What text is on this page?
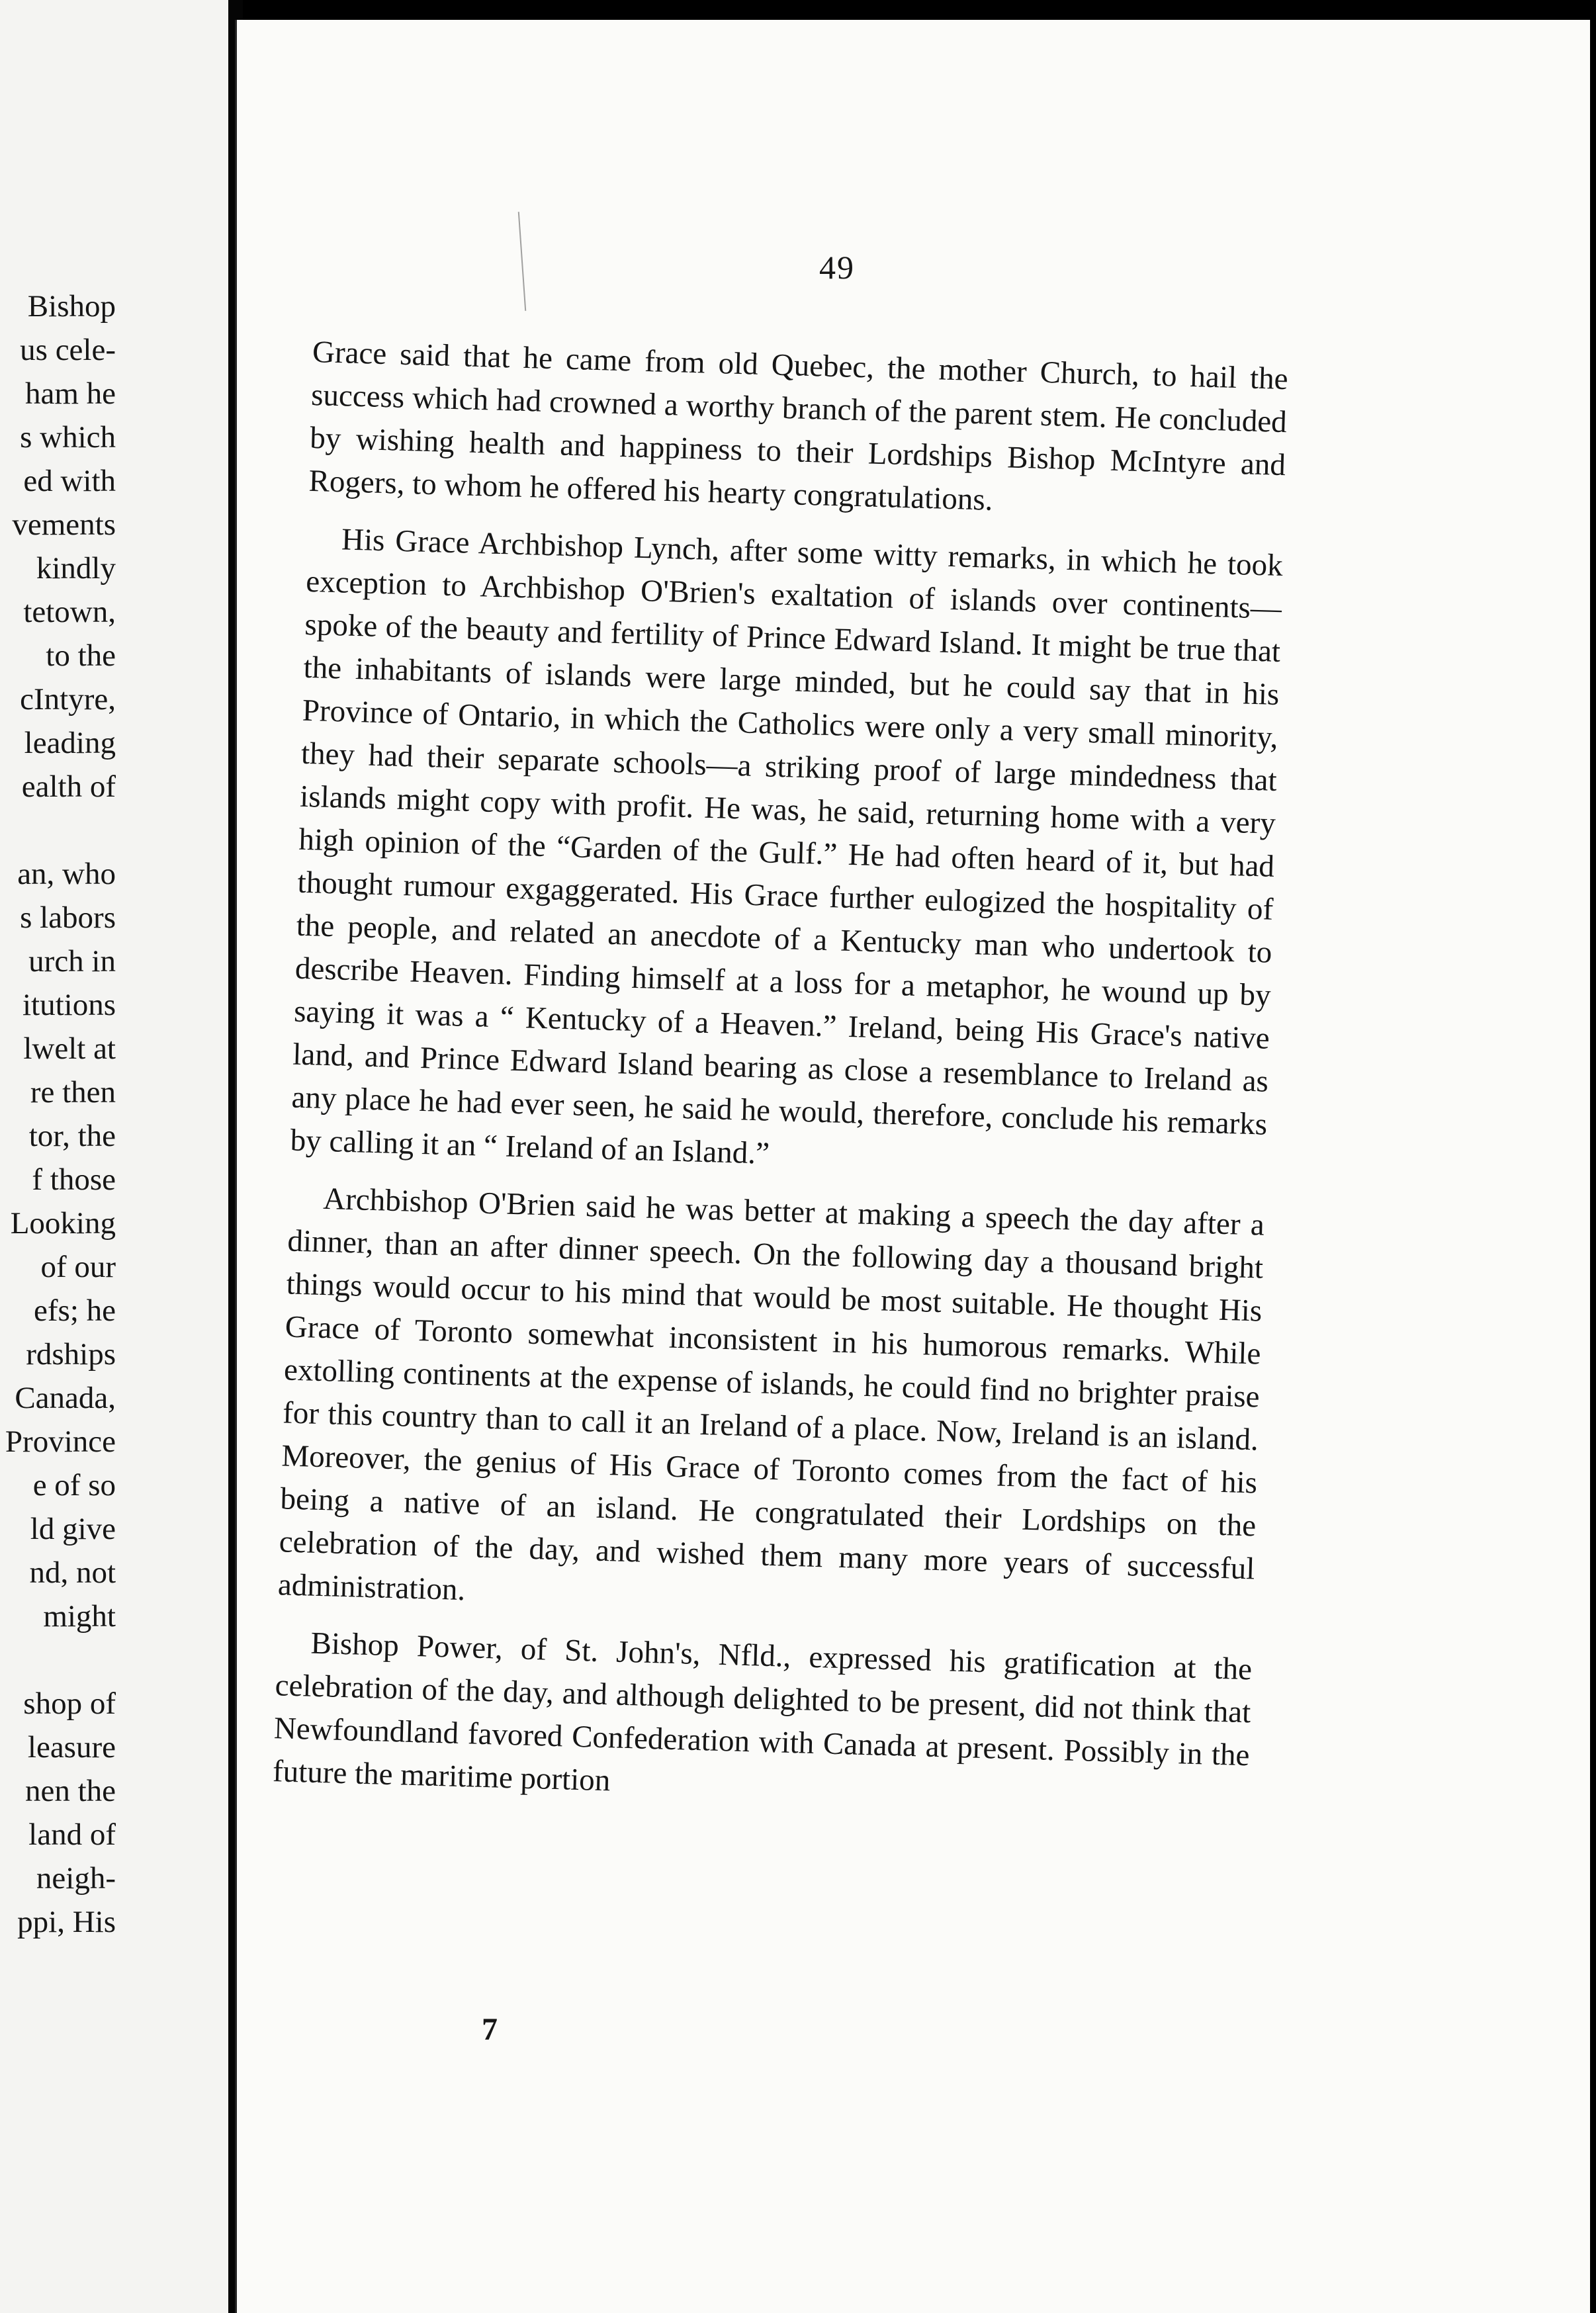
Bishop
us cele-
ham he
s which
ed with
vements
kindly
tetown,
to the
cIntyre,
leading
ealth of
an, who
s labors
urch in
itutions
lwelt at
re then
tor, the
f those
Looking
of our
efs; he
rdships
Canada,
Province
e of so
ld give
nd, not
might
shop of
leasure
nen the
land of
neigh-
ppi, His
49

Grace said that he came from old Quebec, the mother Church, to hail the success which had crowned a worthy branch of the parent stem. He concluded by wishing health and happiness to their Lordships Bishop McIntyre and Rogers, to whom he offered his hearty congratulations.

His Grace Archbishop Lynch, after some witty remarks, in which he took exception to Archbishop O'Brien's exaltation of islands over continents—spoke of the beauty and fertility of Prince Edward Island. It might be true that the inhabitants of islands were large minded, but he could say that in his Province of Ontario, in which the Catholics were only a very small minority, they had their separate schools—a striking proof of large mindedness that islands might copy with profit. He was, he said, returning home with a very high opinion of the “Garden of the Gulf.” He had often heard of it, but had thought rumour exgaggerated. His Grace further eulogized the hospitality of the people, and related an anecdote of a Kentucky man who undertook to describe Heaven. Finding himself at a loss for a metaphor, he wound up by saying it was a “ Kentucky of a Heaven.” Ireland, being His Grace's native land, and Prince Edward Island bearing as close a resemblance to Ireland as any place he had ever seen, he said he would, therefore, conclude his remarks by calling it an “ Ireland of an Island.”

Archbishop O'Brien said he was better at making a speech the day after a dinner, than an after dinner speech. On the following day a thousand bright things would occur to his mind that would be most suitable. He thought His Grace of Toronto somewhat inconsistent in his humorous remarks. While extolling continents at the expense of islands, he could find no brighter praise for this country than to call it an Ireland of a place. Now, Ireland is an island. Moreover, the genius of His Grace of Toronto comes from the fact of his being a native of an island. He congratulated their Lordships on the celebration of the day, and wished them many more years of successful administration.

Bishop Power, of St. John's, Nfld., expressed his gratification at the celebration of the day, and although delighted to be present, did not think that Newfoundland favored Confederation with Canada at present. Possibly in the future the maritime portion

7
